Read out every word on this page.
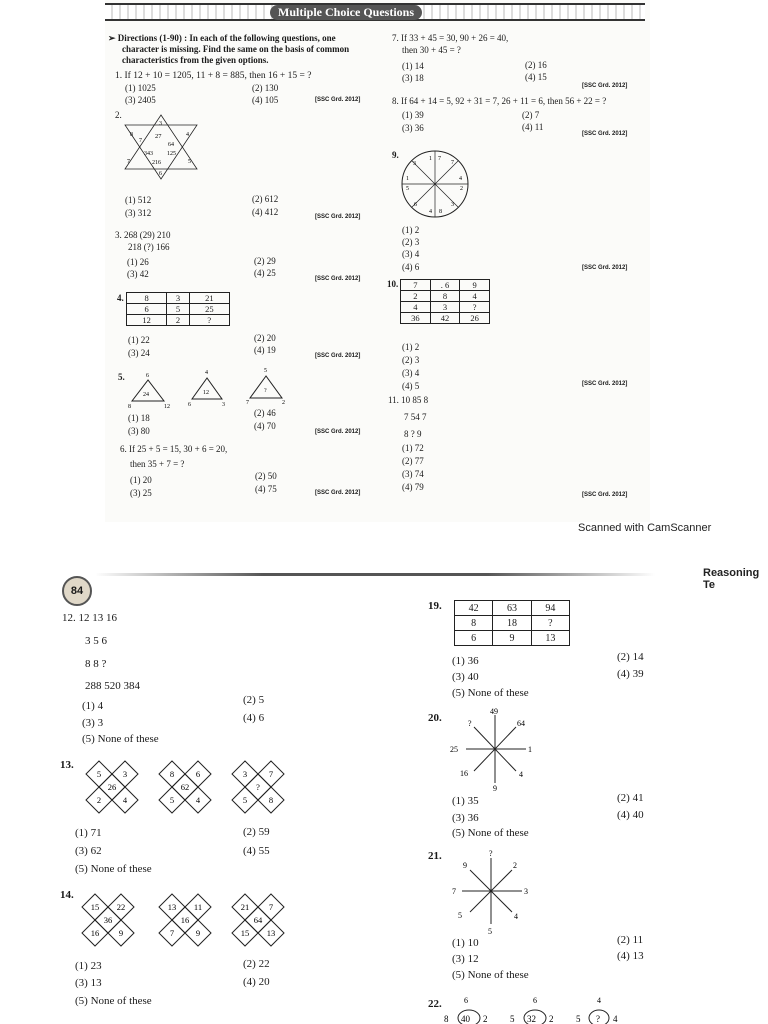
Multiple Choice Questions
➢ Directions (1-90) : In each of the following questions, one
character is missing. Find the same on the basis of common
characteristics from the given options.
1. If 12 + 10 = 1205, 11 + 8 = 885, then 16 + 15 = ?
(1) 1025	(2) 130
(3) 2405	(4) 105	[SSC Grd. 2012]
2.
3
8
7
27	4
64
343 125
7	216	5
6
(1) 512	(2) 612
(3) 312	(4) 412	[SSC Grd. 2012]
3. 268 (29) 210
218 (?) 166
(1) 26	(2) 29
(3) 42	(4) 25
[SSC Grd. 2012]
4. 8	3	21
6	5	25
12	2	?
(1) 22	(2) 20
(3) 24	(4) 19
[SSC Grd. 2012]
5.	6
24
8	12
4
12
6	3
5
?
7	2
(1) 18	(2) 46
(3) 80	(4) 70
[SSC Grd. 2012]
6. If 25 + 5 = 15, 30 + 6 = 20,
then 35 + 7 = ?
(1) 20	(2) 50
(3) 25	(4) 75	[SSC Grd. 2012]
7. If 33 + 45 = 30, 90 + 26 = 40,
then 30 + 45 = ?
(1) 14	(2) 16
(3) 18	(4) 15
[SSC Grd. 2012]
8. If 64 + 14 = 5, 92 + 31 = 7, 26 + 11 = 6, then 56 + 22 = ?
(1) 39	(2) 7
(3) 36	(4) 11
[SSC Grd. 2012]
9.	1 7
7
4
2
3
8
4
6
5
1
3
(1) 2
(2) 3
(3) 4
(4) 6	[SSC Grd. 2012]
10. 7	. 6	9
2	8	4
4	3	?
36	42	26
(1) 2
(2) 3
(3) 4
(4) 5	[SSC Grd. 2012]
11. 10 85 8
7 54 7
8 ? 9
(1) 72
(2) 77
(3) 74
(4) 79
[SSC Grd. 2012]
Scanned with CamScanner
84
Reasoning Te
12. 12 13 16
3 5 6
8 8 ?
288 520 384
(1) 4	(2) 5
(3) 3	(4) 6
(5) None of these
13.
(1) 71	(2) 59
(3) 62	(4) 55
(5) None of these
14.
(1) 23	(2) 22
(3) 13	(4) 20
(5) None of these
19.	42	63	94
8	18	?
6	9	13
(1) 36	(2) 14
(3) 40	(4) 39
(5) None of these
20.
49
?	64
25	1
16	4
9
(1) 35	(2) 41
(3) 36	(4) 40
(5) None of these
21.	?
9	2
7	3
5	4
5
(1) 10	(2) 11
(3) 12	(4) 13
(5) None of these
22.	6
8 40 2
6
5 32 2
4
5 ? 4
5	3
26
2	4
8	6
62
5	4
3	7
?
5	8
15 22
36
16 9
13 11
16
7	9
21 7
64
15 13
